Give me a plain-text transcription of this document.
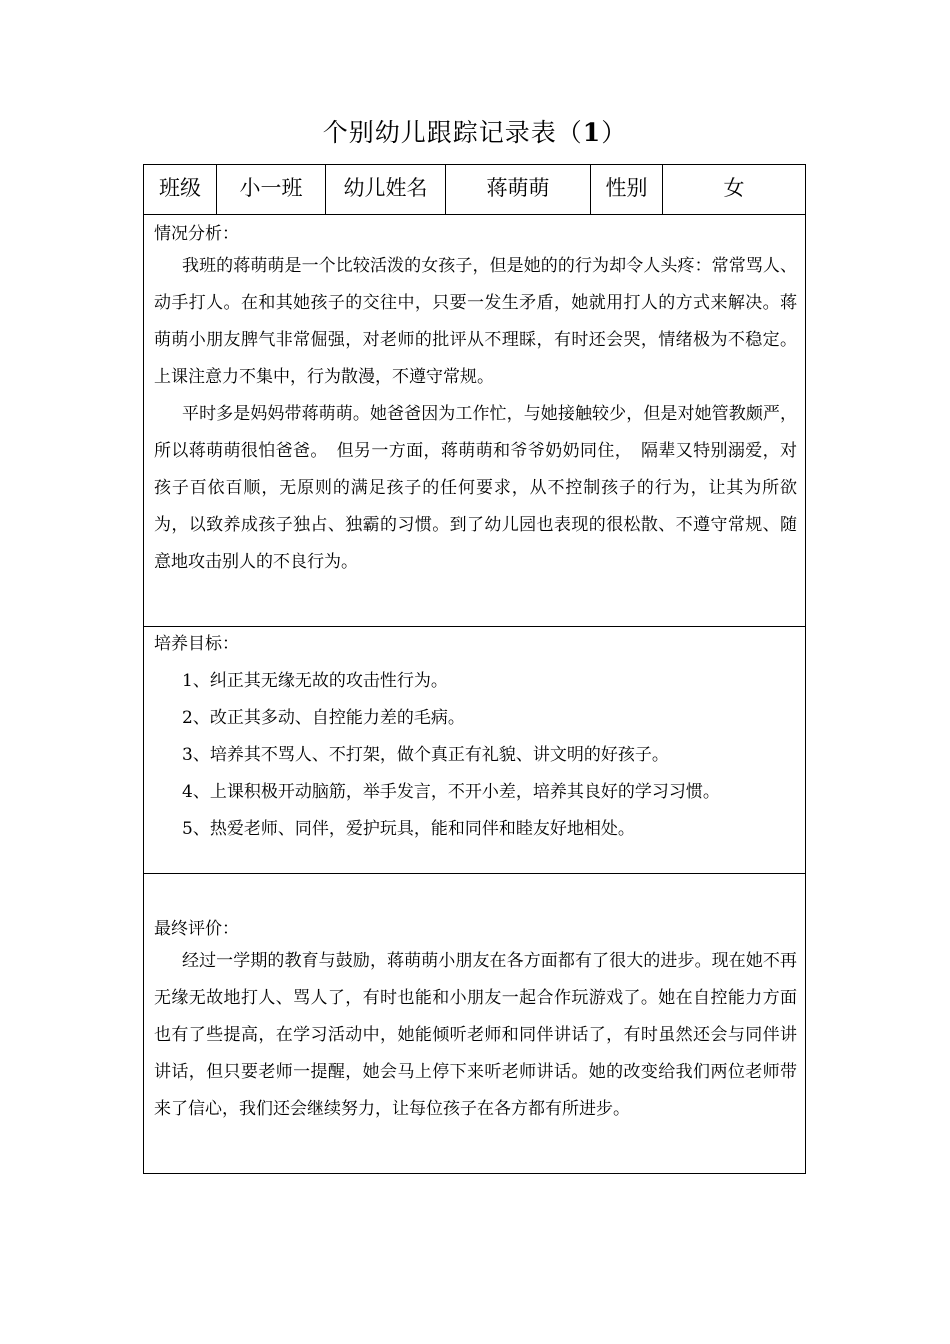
个别幼儿跟踪记录表（1）
班级	小一班	幼儿姓名	蒋萌萌	性别	女
情况分析：
我班的蒋萌萌是一个比较活泼的女孩子，但是她的的行为却令人头疼：常常骂人、动手打人。在和其她孩子的交往中，只要一发生矛盾，她就用打人的方式来解决。蒋萌萌小朋友脾气非常倔强，对老师的批评从不理睬，有时还会哭，情绪极为不稳定。上课注意力不集中，行为散漫，不遵守常规。
平时多是妈妈带蒋萌萌。她爸爸因为工作忙，与她接触较少，但是对她管教颇严，所以蒋萌萌很怕爸爸。　但另一方面，蒋萌萌和爷爷奶奶同住，　隔辈又特别溺爱，对孩子百依百顺，无原则的满足孩子的任何要求，从不控制孩子的行为，让其为所欲为，以致养成孩子独占、独霸的习惯。到了幼儿园也表现的很松散、不遵守常规、随意地攻击别人的不良行为。
培养目标：
1、纠正其无缘无故的攻击性行为。
2、改正其多动、自控能力差的毛病。
3、培养其不骂人、不打架，做个真正有礼貌、讲文明的好孩子。
4、上课积极开动脑筋，举手发言，不开小差，培养其良好的学习习惯。
5、热爱老师、同伴，爱护玩具，能和同伴和睦友好地相处。
最终评价：
经过一学期的教育与鼓励，蒋萌萌小朋友在各方面都有了很大的进步。现在她不再无缘无故地打人、骂人了，有时也能和小朋友一起合作玩游戏了。她在自控能力方面也有了些提高，在学习活动中，她能倾听老师和同伴讲话了，有时虽然还会与同伴讲讲话，但只要老师一提醒，她会马上停下来听老师讲话。她的改变给我们两位老师带来了信心，我们还会继续努力，让每位孩子在各方都有所进步。
